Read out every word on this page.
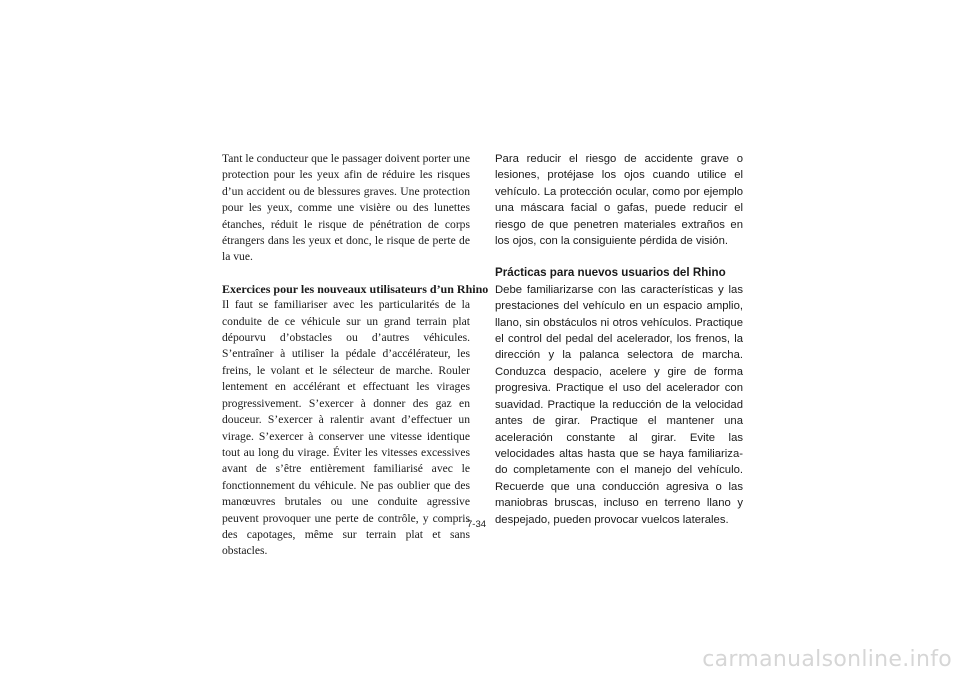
Tant le conducteur que le passager doivent porter une protection pour les yeux afin de réduire les risques d’un accident ou de blessures graves. Une protection pour les yeux, comme une visière ou des lunettes étanches, réduit le risque de pénétration de corps étrangers dans les yeux et donc, le risque de perte de la vue.

Exercices pour les nouveaux utilisateurs d’un Rhino

Il faut se familiariser avec les particularités de la conduite de ce véhicule sur un grand terrain plat dépourvu d’obstacles ou d’autres véhicules. S’entraîner à utiliser la pédale d’accélérateur, les freins, le volant et le sélecteur de marche. Rouler lentement en accélérant et effectuant les virages progressivement. S’exercer à donner des gaz en douceur. S’exercer à ralentir avant d’effectuer un virage. S’exercer à conserver une vitesse identique tout au long du virage. Éviter les vitesses excessives avant de s’être entièrement familiarisé avec le fonctionnement du véhicule. Ne pas oublier que des manœuvres brutales ou une conduite agressive peuvent provoquer une perte de contrôle, y compris des capotages, même sur terrain plat et sans obstacles.

Para reducir el riesgo de accidente grave o lesiones, protéjase los ojos cuando utilice el vehículo. La protección ocular, como por ejemplo una máscara facial o gafas, puede reducir el riesgo de que penetren materiales extraños en los ojos, con la consiguiente pérdida de visión.

Prácticas para nuevos usuarios del Rhino

Debe familiarizarse con las características y las prestaciones del vehículo en un espacio amplio, llano, sin obstáculos ni otros vehículos. Practique el control del pedal del acelerador, los frenos, la dirección y la palanca selectora de marcha. Conduzca despacio, acelere y gire de forma progresiva. Practique el uso del acelerador con suavidad. Practique la reducción de la velocidad antes de girar. Practique el mantener una aceleración constante al girar. Evite las velocidades altas hasta que se haya familiarizado completamente con el manejo del vehículo. Recuerde que una conducción agresiva o las maniobras bruscas, incluso en terreno llano y despejado, pueden provocar vuelcos laterales.

7-34
carmanualsonline.info
